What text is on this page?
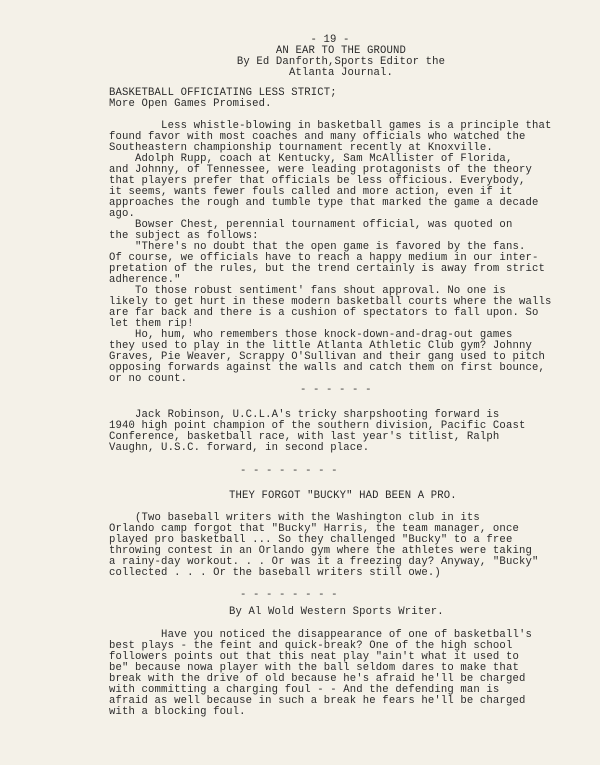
- 19 -
AN EAR TO THE GROUND
By Ed Danforth,Sports Editor the
Atlanta Journal.
BASKETBALL OFFICIATING LESS STRICT;
More Open Games Promised.
Less whistle-blowing in basketball games is a principle that
found favor with most coaches and many officials who watched the
Southeastern championship tournament recently at Knoxville.
Adolph Rupp, coach at Kentucky, Sam McAllister of Florida,
and Johnny, of Tennessee, were leading protagonists of the theory
that players prefer that officials be less officious. Everybody,
it seems, wants fewer fouls called and more action, even if it
approaches the rough and tumble type that marked the game a decade
ago.
Bowser Chest, perennial tournament official, was quoted on
the subject as follows:
"There's no doubt that the open game is favored by the fans.
Of course, we officials have to reach a happy medium in our inter-
pretation of the rules, but the trend certainly is away from strict
adherence."
To those robust sentiment' fans shout approval. No one is
likely to get hurt in these modern basketball courts where the walls
are far back and there is a cushion of spectators to fall upon. So
let them rip!
Ho, hum, who remembers those knock-down-and-drag-out games
they used to play in the little Atlanta Athletic Club gym? Johnny
Graves, Pie Weaver, Scrappy O'Sullivan and their gang used to pitch
opposing forwards against the walls and catch them on first bounce,
or no count.
- - - - - -
Jack Robinson, U.C.L.A's tricky sharpshooting forward is
1940 high point champion of the southern division, Pacific Coast
Conference, basketball race, with last year's titlist, Ralph
Vaughn, U.S.C. forward, in second place.
- - - - - - - -
THEY FORGOT "BUCKY" HAD BEEN A PRO.
(Two baseball writers with the Washington club in its
Orlando camp forgot that "Bucky" Harris, the team manager, once
played pro basketball ... So they challenged "Bucky" to a free
throwing contest in an Orlando gym where the athletes were taking
a rainy-day workout. . . Or was it a freezing day? Anyway, "Bucky"
collected . . . Or the baseball writers still owe.)
- - - - - - - -
By Al Wold Western Sports Writer.
Have you noticed the disappearance of one of basketball's
best plays - the feint and quick-break? One of the high school
followers points out that this neat play "ain't what it used to
be" because nowa player with the ball seldom dares to make that
break with the drive of old because he's afraid he'll be charged
with committing a charging foul - - And the defending man is
afraid as well because in such a break he fears he'll be charged
with a blocking foul.
